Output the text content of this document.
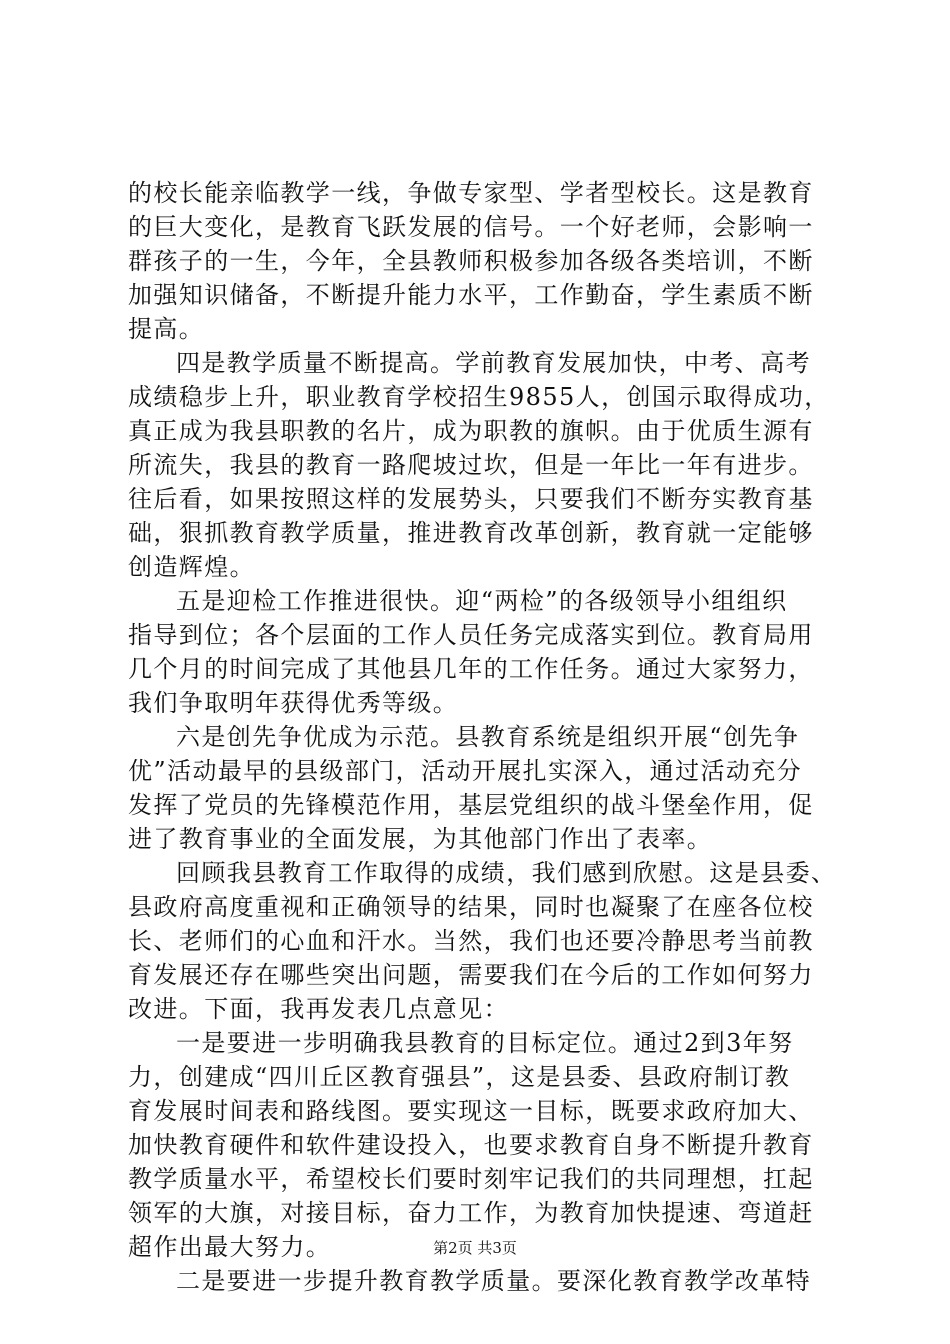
的校长能亲临教学一线，争做专家型、学者型校长。这是教育
的巨大变化，是教育飞跃发展的信号。一个好老师，会影响一
群孩子的一生，今年，全县教师积极参加各级各类培训，不断
加强知识储备，不断提升能力水平，工作勤奋，学生素质不断
提高。
四是教学质量不断提高。学前教育发展加快，中考、高考
成绩稳步上升，职业教育学校招生9855人，创国示取得成功，
真正成为我县职教的名片，成为职教的旗帜。由于优质生源有
所流失，我县的教育一路爬坡过坎，但是一年比一年有进步。
往后看，如果按照这样的发展势头，只要我们不断夯实教育基
础，狠抓教育教学质量，推进教育改革创新，教育就一定能够
创造辉煌。
五是迎检工作推进很快。迎“两检”的各级领导小组组织
指导到位；各个层面的工作人员任务完成落实到位。教育局用
几个月的时间完成了其他县几年的工作任务。通过大家努力，
我们争取明年获得优秀等级。
六是创先争优成为示范。县教育系统是组织开展“创先争
优”活动最早的县级部门，活动开展扎实深入，通过活动充分
发挥了党员的先锋模范作用，基层党组织的战斗堡垒作用，促
进了教育事业的全面发展，为其他部门作出了表率。
回顾我县教育工作取得的成绩，我们感到欣慰。这是县委、
县政府高度重视和正确领导的结果，同时也凝聚了在座各位校
长、老师们的心血和汗水。当然，我们也还要冷静思考当前教
育发展还存在哪些突出问题，需要我们在今后的工作如何努力
改进。下面，我再发表几点意见：
一是要进一步明确我县教育的目标定位。通过2到3年努
力，创建成“四川丘区教育强县”，这是县委、县政府制订教
育发展时间表和路线图。要实现这一目标，既要求政府加大、
加快教育硬件和软件建设投入，也要求教育自身不断提升教育
教学质量水平，希望校长们要时刻牢记我们的共同理想，扛起
领军的大旗，对接目标，奋力工作，为教育加快提速、弯道赶
超作出最大努力。
二是要进一步提升教育教学质量。要深化教育教学改革特
第2页 共3页
